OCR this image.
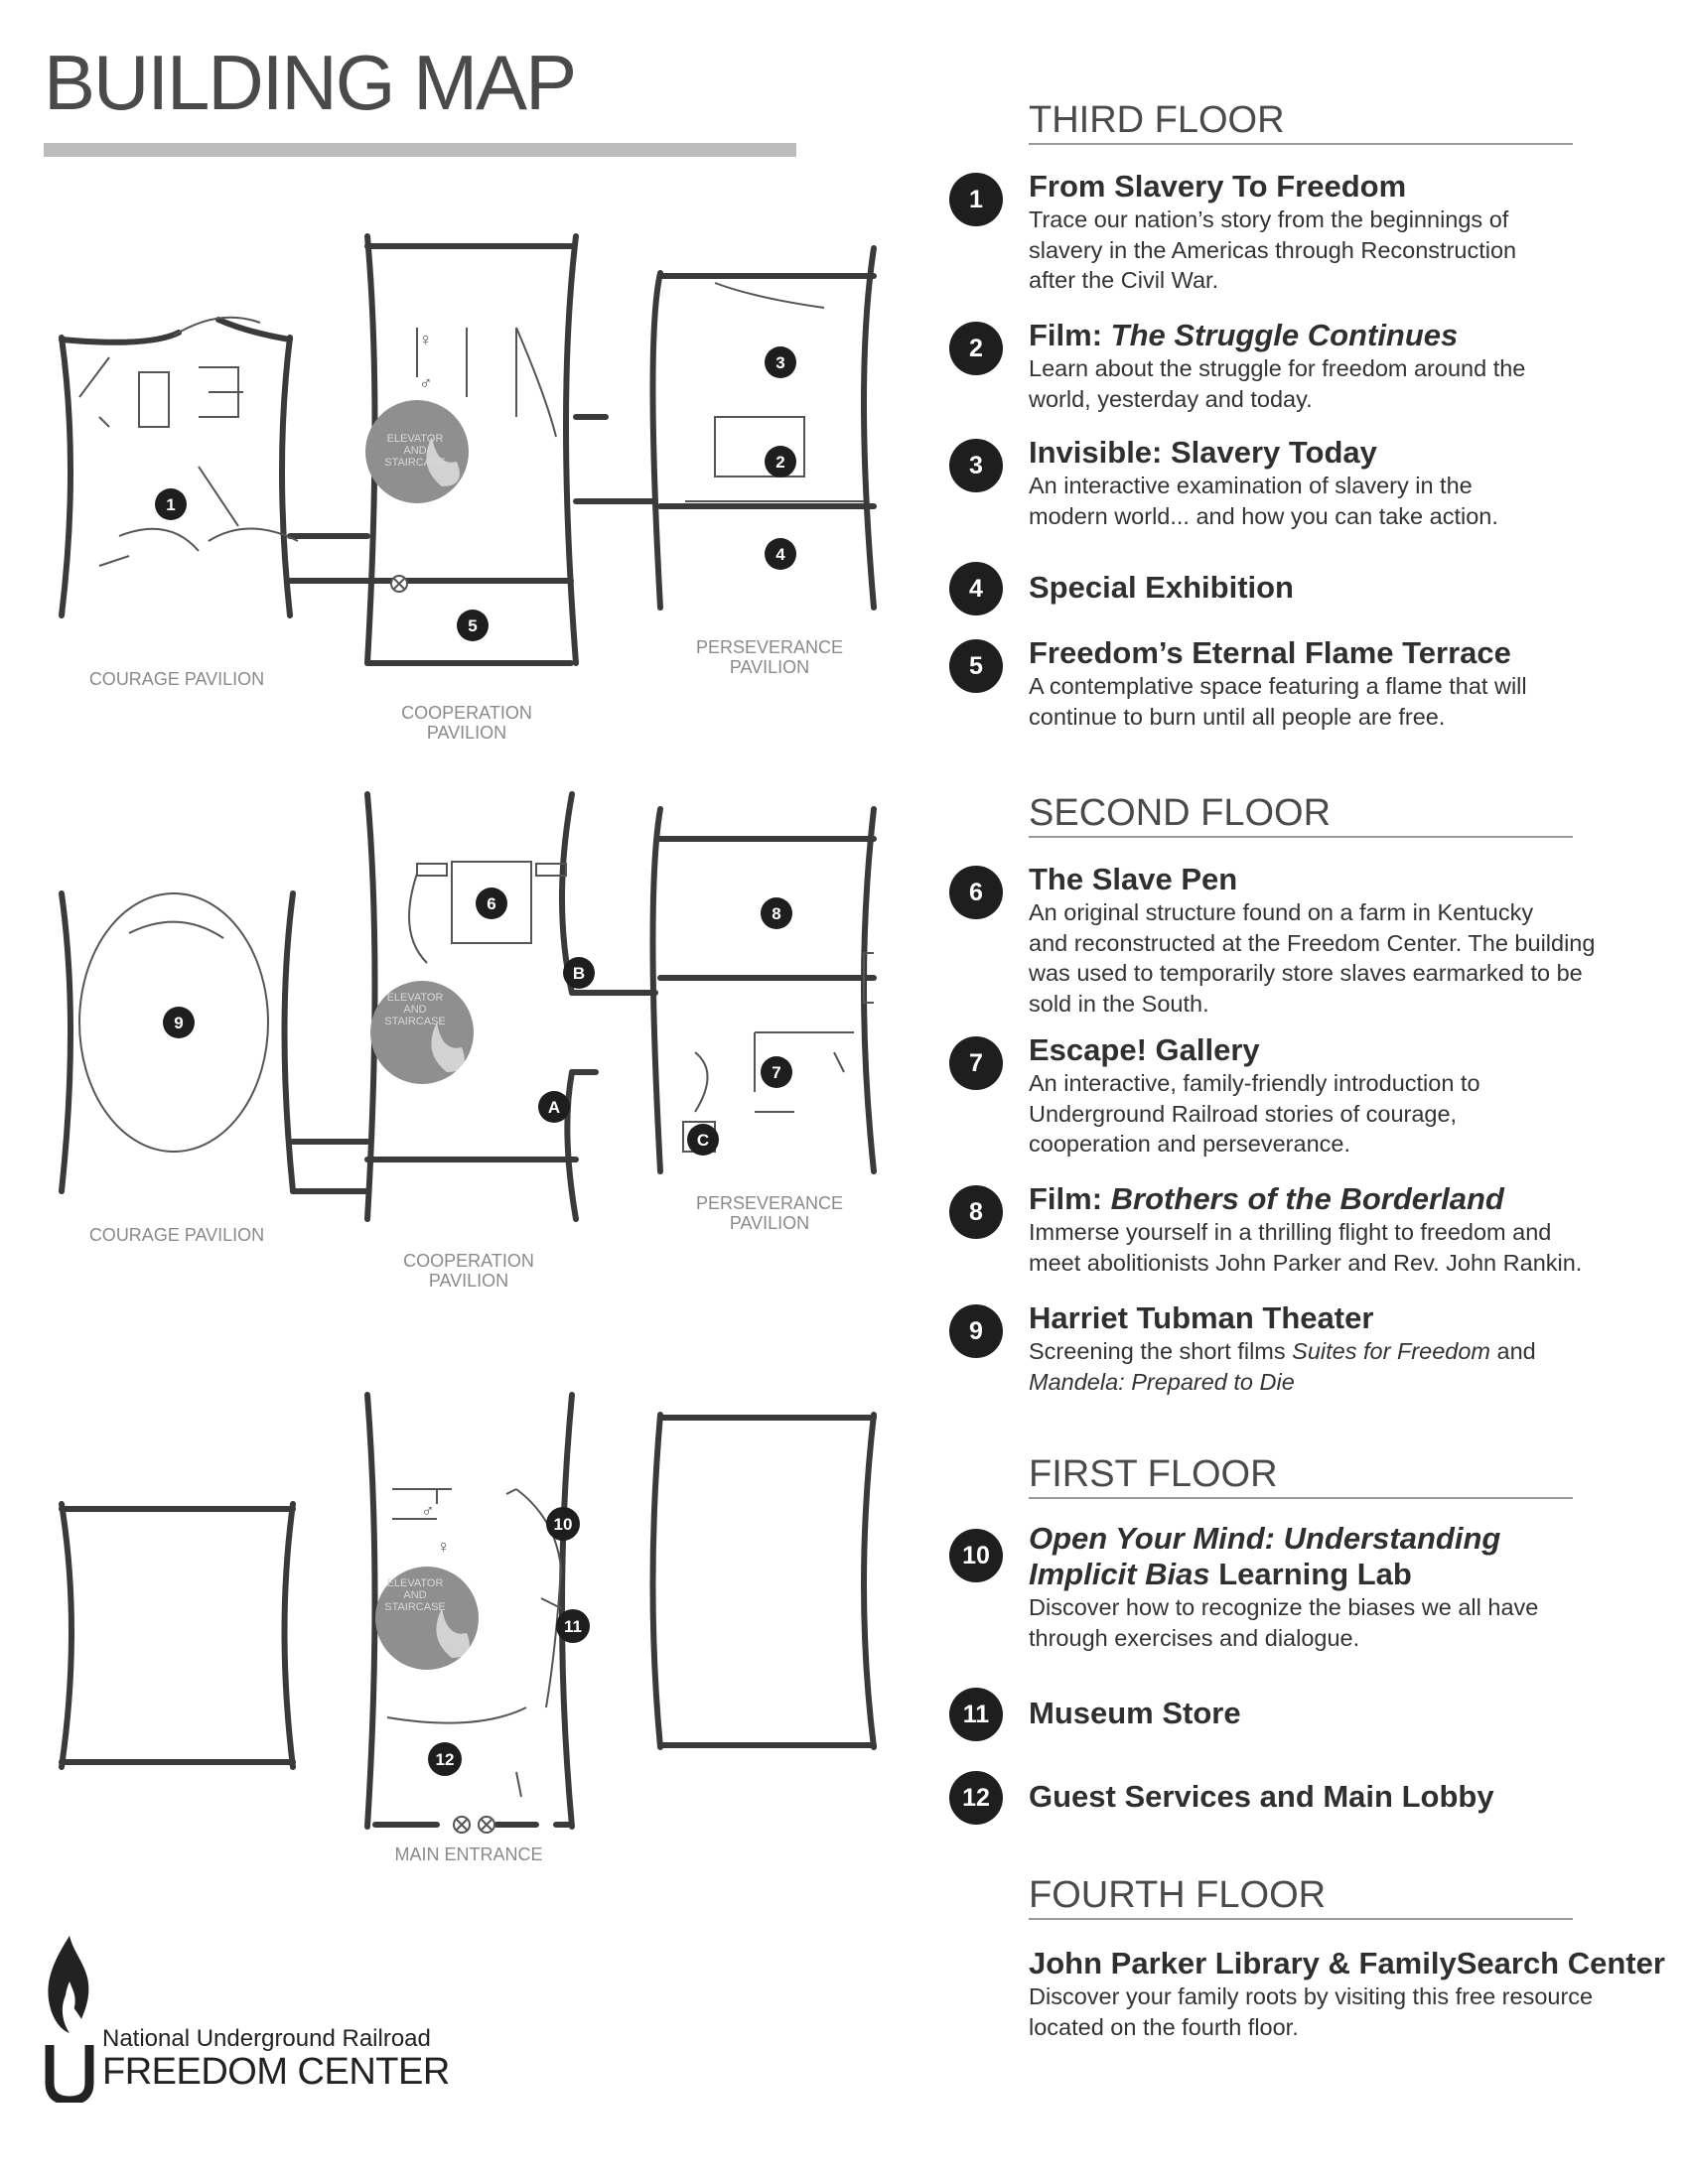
BUILDING MAP
ELEVATOR
AND
STAIRCASE
♀
♂
1
2
3
4
5
COURAGE PAVILION
COOPERATION
PAVILION
PERSEVERANCE
PAVILION
ELEVATOR
AND
STAIRCASE
6
7
8
9
A
B
C
COURAGE PAVILION
COOPERATION
PAVILION
PERSEVERANCE
PAVILION
♂
♀
ELEVATOR
AND
STAIRCASE
10
11
12
MAIN ENTRANCE
THIRD FLOOR
1	From Slavery To Freedom
Trace our nation’s story from the beginnings of
slavery in the Americas through Reconstruction
after the Civil War.
2	Film: The Struggle Continues
Learn about the struggle for freedom around the
world, yesterday and today.
3	Invisible: Slavery Today
An interactive examination of slavery in the
modern world... and how you can take action.
4	Special Exhibition
5	Freedom’s Eternal Flame Terrace
A contemplative space featuring a flame that will
continue to burn until all people are free.
SECOND FLOOR
6	The Slave Pen
An original structure found on a farm in Kentucky
and reconstructed at the Freedom Center. The building
was used to temporarily store slaves earmarked to be
sold in the South.
7	Escape! Gallery
An interactive, family-friendly introduction to
Underground Railroad stories of courage,
cooperation and perseverance.
8	Film: Brothers of the Borderland
Immerse yourself in a thrilling flight to freedom and
meet abolitionists John Parker and Rev. John Rankin.
9	Harriet Tubman Theater
Screening the short films Suites for Freedom and
Mandela: Prepared to Die
FIRST FLOOR
10	Open Your Mind: Understanding
Implicit Bias Learning Lab
Discover how to recognize the biases we all have
through exercises and dialogue.
11	Museum Store
12	Guest Services and Main Lobby
FOURTH FLOOR
John Parker Library & FamilySearch Center
Discover your family roots by visiting this free resource
located on the fourth floor.
National Underground Railroad
FREEDOM CENTER
